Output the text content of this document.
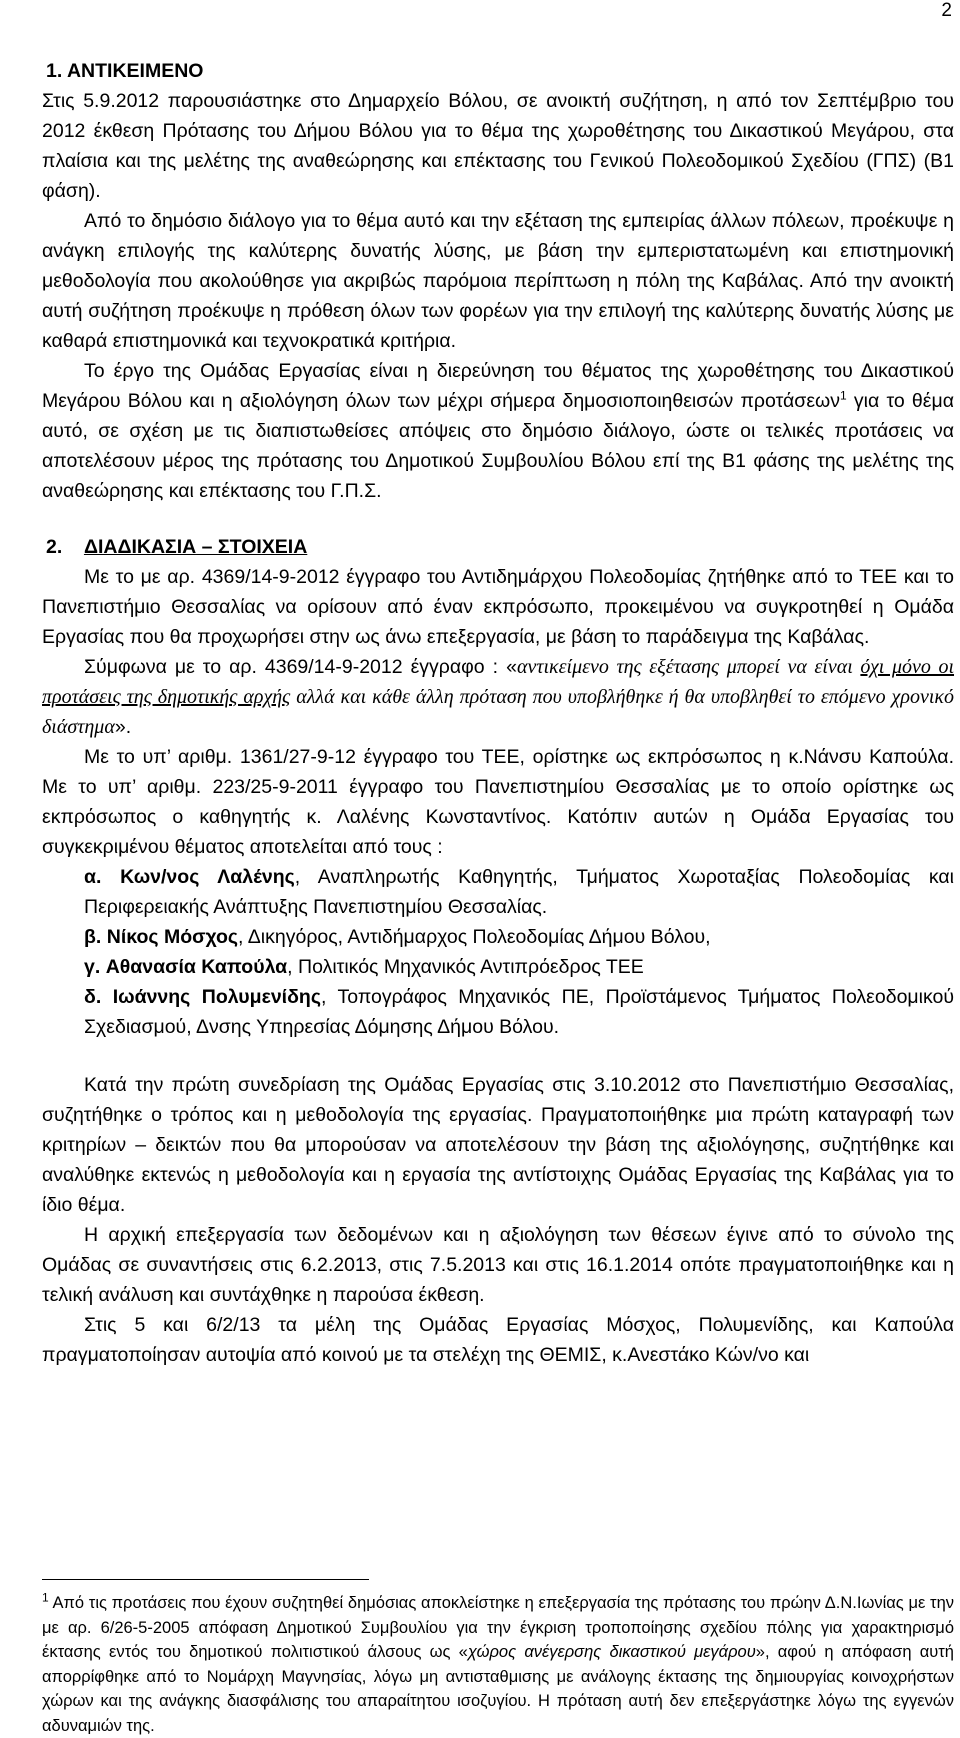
2

1. ΑΝΤΙΚΕΙΜΕΝΟ

Στις 5.9.2012 παρουσιάστηκε στο Δημαρχείο Βόλου, σε ανοικτή συζήτηση, η από τον Σεπτέμβριο του 2012 έκθεση Πρότασης του Δήμου Βόλου για το θέμα της χωροθέτησης του Δικαστικού Μεγάρου, στα πλαίσια και της μελέτης της αναθεώρησης και επέκτασης του Γενικού Πολεοδομικού Σχεδίου (ΓΠΣ) (Β1 φάση).

Από το δημόσιο διάλογο για το θέμα αυτό και την εξέταση της εμπειρίας άλλων πόλεων, προέκυψε η ανάγκη επιλογής της καλύτερης δυνατής λύσης, με βάση την εμπεριστατωμένη και επιστημονική μεθοδολογία που ακολούθησε για ακριβώς παρόμοια περίπτωση η πόλη της Καβάλας. Από την ανοικτή αυτή συζήτηση προέκυψε η πρόθεση όλων των φορέων για την επιλογή της καλύτερης δυνατής λύσης με καθαρά επιστημονικά και τεχνοκρατικά κριτήρια.

Το έργο της Ομάδας Εργασίας είναι η διερεύνηση του θέματος της χωροθέτησης του Δικαστικού Μεγάρου Βόλου και η αξιολόγηση όλων των μέχρι σήμερα δημοσιοποιηθεισών προτάσεων$^1$ για το θέμα αυτό, σε σχέση με τις διαπιστωθείσες απόψεις στο δημόσιο διάλογο, ώστε οι τελικές προτάσεις να αποτελέσουν μέρος της πρότασης του Δημοτικού Συμβουλίου Βόλου επί της Β1 φάσης της μελέτης της αναθεώρησης και επέκτασης του Γ.Π.Σ.

2. ΔΙΑΔΙΚΑΣΙΑ – ΣΤΟΙΧΕΙΑ

Με το με αρ. 4369/14-9-2012 έγγραφο του Αντιδημάρχου Πολεοδομίας ζητήθηκε από το ΤΕΕ και το Πανεπιστήμιο Θεσσαλίας να ορίσουν από έναν εκπρόσωπο, προκειμένου να συγκροτηθεί η Ομάδα Εργασίας που θα προχωρήσει στην ως άνω επεξεργασία, με βάση το παράδειγμα της Καβάλας.

Σύμφωνα με το αρ. 4369/14-9-2012 έγγραφο : «αντικείμενο της εξέτασης μπορεί να είναι όχι μόνο οι προτάσεις της δημοτικής αρχής αλλά και κάθε άλλη πρόταση που υποβλήθηκε ή θα υποβληθεί το επόμενο χρονικό διάστημα».

Με το υπ’ αριθμ. 1361/27-9-12 έγγραφο του ΤΕΕ, ορίστηκε ως εκπρόσωπος η κ.Νάνσυ Καπούλα. Με το υπ’ αριθμ. 223/25-9-2011 έγγραφο του Πανεπιστημίου Θεσσαλίας με το οποίο ορίστηκε ως εκπρόσωπος ο καθηγητής κ. Λαλένης Κωνσταντίνος. Κατόπιν αυτών η Ομάδα Εργασίας του συγκεκριμένου θέματος αποτελείται από τους :

α. Κων/νος Λαλένης, Αναπληρωτής Καθηγητής, Τμήματος Χωροταξίας Πολεοδομίας και Περιφερειακής Ανάπτυξης Πανεπιστημίου Θεσσαλίας.
β. Νίκος Μόσχος, Δικηγόρος, Αντιδήμαρχος Πολεοδομίας Δήμου Βόλου,
γ. Αθανασία Καπούλα, Πολιτικός Μηχανικός Αντιπρόεδρος ΤΕΕ
δ. Ιωάννης Πολυμενίδης, Τοπογράφος Μηχανικός ΠΕ, Προϊστάμενος Τμήματος Πολεοδομικού Σχεδιασμού, Δνσης Υπηρεσίας Δόμησης Δήμου Βόλου.

Κατά την πρώτη συνεδρίαση της Ομάδας Εργασίας στις 3.10.2012 στο Πανεπιστήμιο Θεσσαλίας, συζητήθηκε ο τρόπος και η μεθοδολογία της εργασίας. Πραγματοποιήθηκε μια πρώτη καταγραφή των κριτηρίων – δεικτών που θα μπορούσαν να αποτελέσουν την βάση της αξιολόγησης, συζητήθηκε και αναλύθηκε εκτενώς η μεθοδολογία και η εργασία της αντίστοιχης Ομάδας Εργασίας της Καβάλας για το ίδιο θέμα.

Η αρχική επεξεργασία των δεδομένων και η αξιολόγηση των θέσεων έγινε από το σύνολο της Ομάδας σε συναντήσεις στις 6.2.2013, στις 7.5.2013 και στις 16.1.2014 οπότε πραγματοποιήθηκε και η τελική ανάλυση και συντάχθηκε η παρούσα έκθεση.

Στις 5 και 6/2/13 τα μέλη της Ομάδας Εργασίας Μόσχος, Πολυμενίδης, και Καπούλα πραγματοποίησαν αυτοψία από κοινού με τα στελέχη της ΘΕΜΙΣ, κ.Ανεστάκο Κών/νο και

$^1$ Από τις προτάσεις που έχουν συζητηθεί δημόσιας αποκλείστηκε η επεξεργασία της πρότασης του πρώην Δ.Ν.Ιωνίας με την με αρ. 6/26-5-2005 απόφαση Δημοτικού Συμβουλίου για την έγκριση τροποποίησης σχεδίου πόλης για χαρακτηρισμό έκτασης εντός του δημοτικού πολιτιστικού άλσους ως «χώρος ανέγερσης δικαστικού μεγάρου», αφού η απόφαση αυτή απορρίφθηκε από το Νομάρχη Μαγνησίας, λόγω μη αντισταθμισης με ανάλογης έκτασης της δημιουργίας κοινοχρήστων χώρων και της ανάγκης διασφάλισης του απαραίτητου ισοζυγίου. Η πρόταση αυτή δεν επεξεργάστηκε λόγω της εγγενών αδυναμιών της.
